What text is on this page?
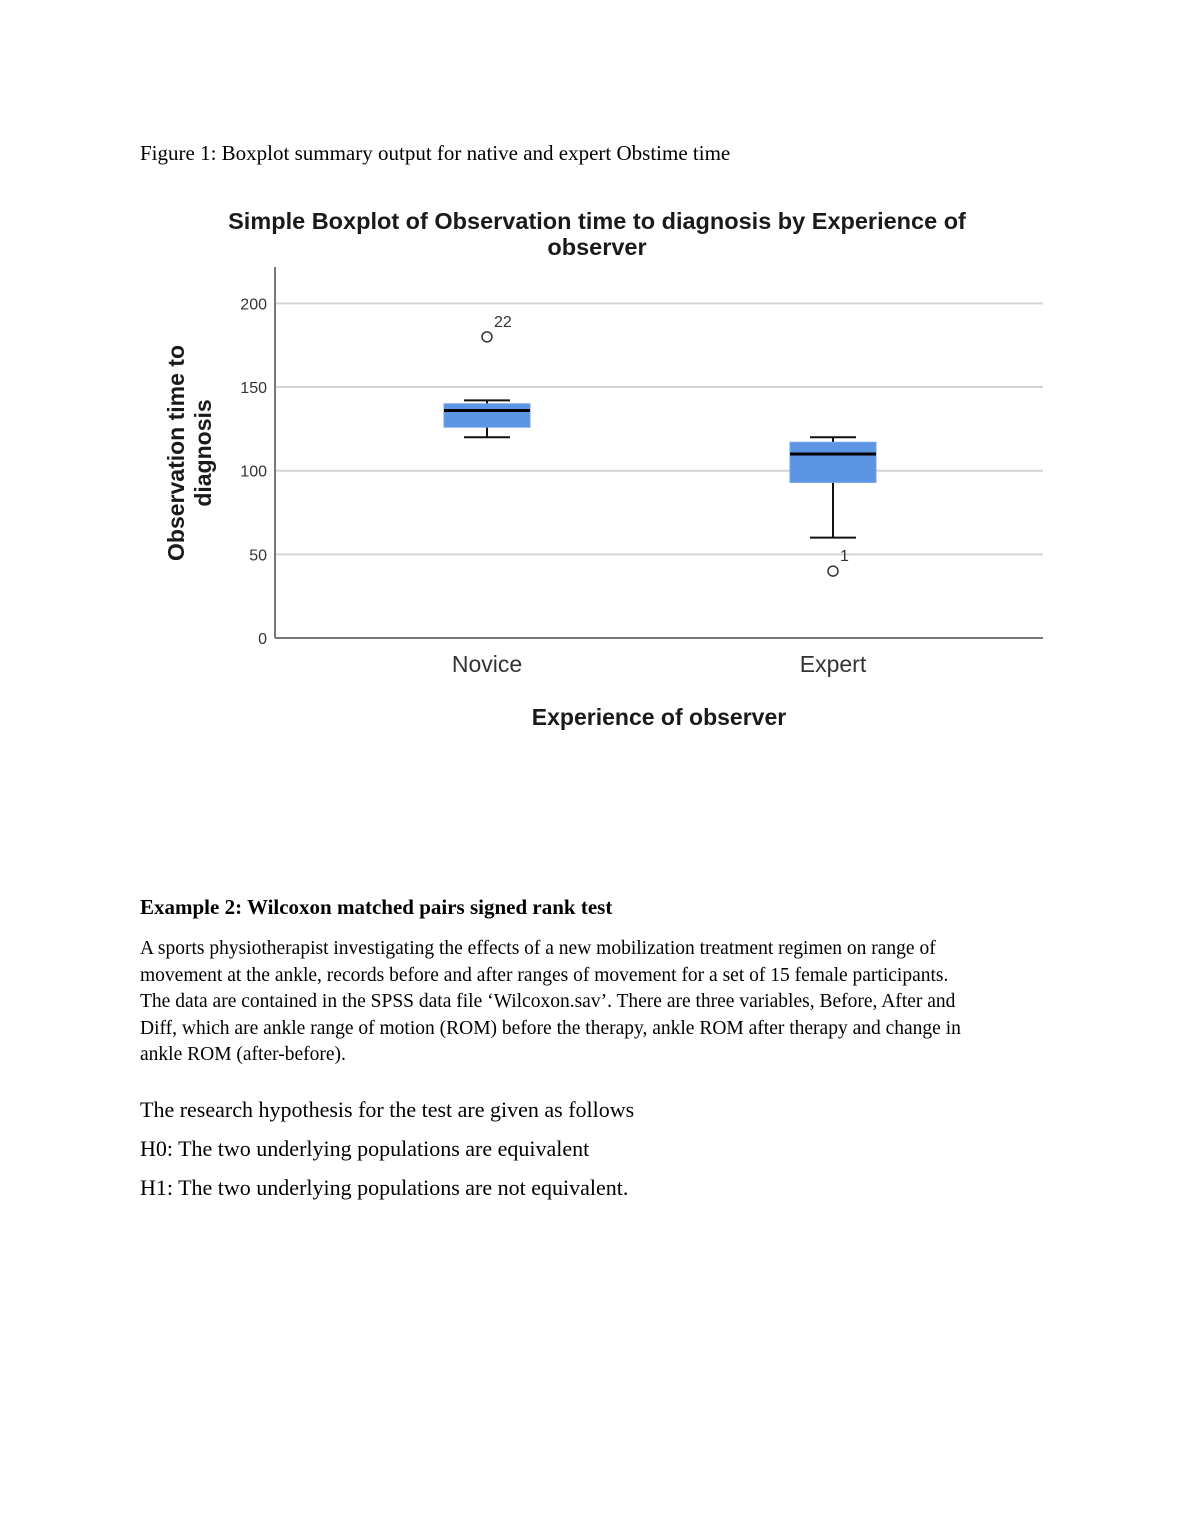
Figure 1: Boxplot summary output for native and expert Obstime time
Simple Boxplot of Observation time to diagnosis by Experience of
observer
0
50
100
150
200
22
Novice
1
Expert
Observation time to diagnosis
Experience of observer
Example 2: Wilcoxon matched pairs signed rank test

A sports physiotherapist investigating the effects of a new mobilization treatment regimen on range of
movement at the ankle, records before and after ranges of movement for a set of 15 female participants.
The data are contained in the SPSS data file ‘Wilcoxon.sav’. There are three variables, Before, After and
Diff, which are ankle range of motion (ROM) before the therapy, ankle ROM after therapy and change in
ankle ROM (after-before).

The research hypothesis for the test are given as follows
H0: The two underlying populations are equivalent
H1: The two underlying populations are not equivalent.
